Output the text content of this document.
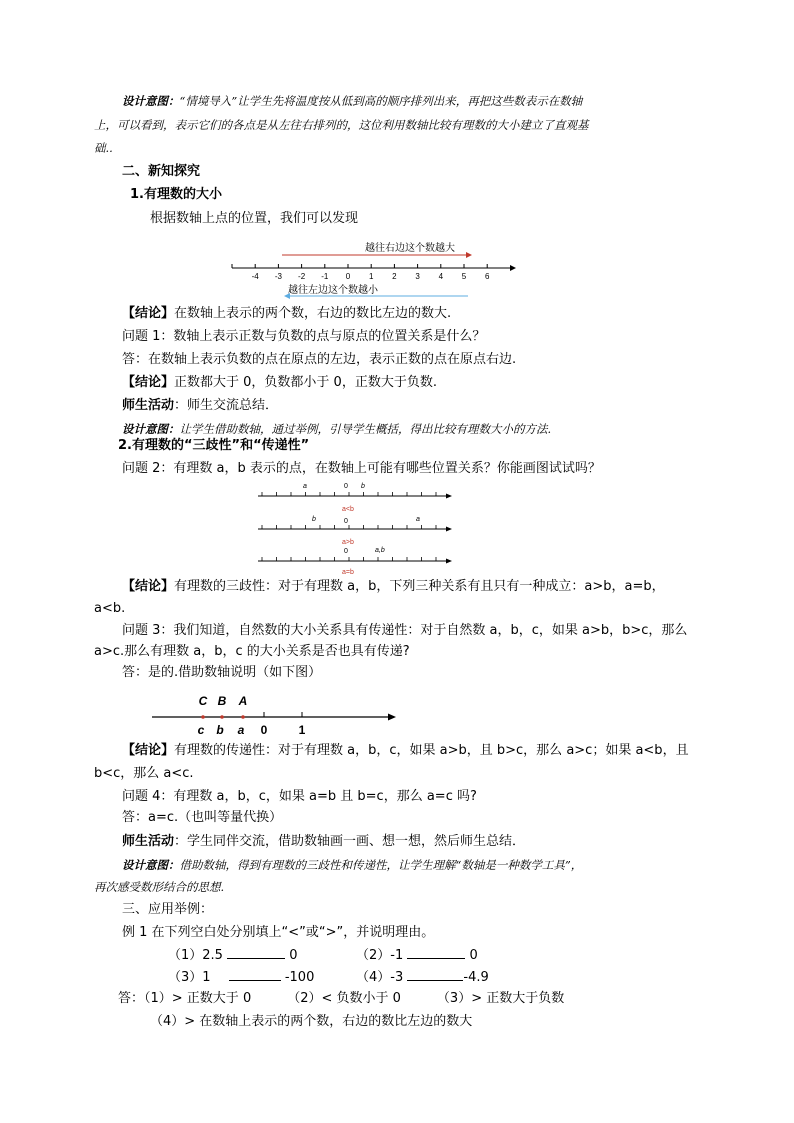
设计意图：“情境导入”让学生先将温度按从低到高的顺序排列出来，再把这些数表示在数轴
上，可以看到，表示它们的各点是从左往右排列的，这位利用数轴比较有理数的大小建立了直观基
础..
二、新知探究
1.有理数的大小
根据数轴上点的位置，我们可以发现
-4 -3 -2 -1 0 1 2 3 4 5 6
越往右边这个数越大
越往左边这个数越小
【结论】在数轴上表示的两个数，右边的数比左边的数大.
问题 1：数轴上表示正数与负数的点与原点的位置关系是什么？
答：在数轴上表示负数的点在原点的左边，表示正数的点在原点右边.
【结论】正数都大于 0，负数都小于 0，正数大于负数.
师生活动：师生交流总结．
设计意图：让学生借助数轴，通过举例，引导学生概括，得出比较有理数大小的方法.
2.有理数的“三歧性”和“传递性”
问题 2：有理数 a，b 表示的点，在数轴上可能有哪些位置关系？你能画图试试吗？
a	0 b
a<b
b	0	a
a>b
0	a,b
a=b
【结论】有理数的三歧性：对于有理数 a，b，下列三种关系有且只有一种成立：a>b，a=b，
a<b.
问题 3：我们知道，自然数的大小关系具有传递性：对于自然数 a，b，c，如果 a>b，b>c，那么
a>c.那么有理数 a，b，c 的大小关系是否也具有传递?
答：是的.借助数轴说明（如下图）
C
c
B
b
A
a 0	1
【结论】有理数的传递性：对于有理数 a，b，c，如果 a>b，且 b>c，那么 a>c；如果 a<b，且
b<c，那么 a<c.
问题 4：有理数 a，b，c，如果 a=b 且 b=c，那么 a=c 吗?
答：a=c.（也叫等量代换）
师生活动：学生同伴交流，借助数轴画一画、想一想，然后师生总结．
设计意图：借助数轴，得到有理数的三歧性和传递性，让学生理解“数轴是一种数学工具”，
再次感受数形结合的思想.
三、应用举例：
例 1 在下列空白处分别填上“<”或“>”，并说明理由。
（1）2.5	0	（2）-1	0
（3）1	-100	（4）-3	-4.9
答：（1）> 正数大于 0	（2）< 负数小于 0	（3）> 正数大于负数
（4）> 在数轴上表示的两个数，右边的数比左边的数大
